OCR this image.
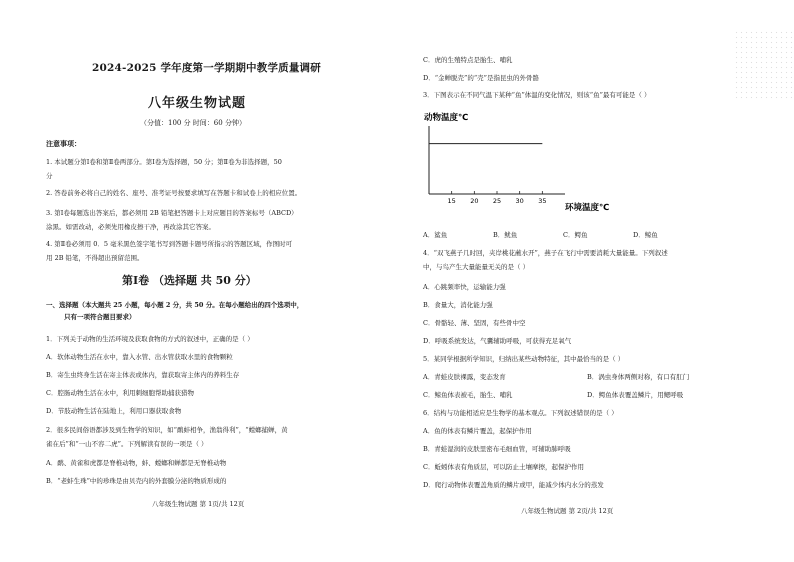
2024-2025 学年度第一学期期中教学质量调研
八年级生物试题
（分值：100 分 时间：60 分钟）
注意事项：
1. 本试题分第Ⅰ卷和第Ⅱ卷两部分。第Ⅰ卷为选择题，50 分；第Ⅱ卷为非选择题，50
分
2. 答卷前务必将自己的姓名、座号、准考证号按要求填写在答题卡和试卷上的相应位置。
3. 第Ⅰ卷每题选出答案后，都必须用 2B 铅笔把答题卡上对应题目的答案标号（ABCD）
涂黑。如需改动，必须先用橡皮擦干净，再改涂其它答案。
4. 第Ⅱ卷必须用 0．5 毫米黑色签字笔书写到答题卡题号所指示的答题区域，作图时可
用 2B 铅笔，不得超出预留范围。
第Ⅰ卷 （选择题 共 50 分）
一、选择题（本大题共 25 小题，每小题 2 分，共 50 分。在每小题给出的四个选项中，
只有一项符合题目要求）
1．下列关于动物的生活环境及获取食物的方式的叙述中，正确的是（ ）
A．软体动物生活在水中，靠入水管、出水管获取水里的食物颗粒
B．寄生虫终身生活在寄主体表或体内，靠获取寄主体内的养料生存
C．腔肠动物生活在水中，利用刺细胞帮助捕获猎物
D．节肢动物生活在陆地上，利用口器获取食物
2．很多民间俗语都涉及到生物学的知识，如“鹬蚌相争，渔翁得利”，“螳螂捕蝉，黄
雀在后”和“一山不容二虎”。下列解读有误的一项是（ ）
A．鹬、黄雀和虎都是脊椎动物，蚌、螳螂和蝉都是无脊椎动物
B．“老蚌生珠”中的珍珠是由贝壳内的外套膜分泌的物质形成的
八年级生物试题 第 1页/共 12页
C．虎的生殖特点是胎生、哺乳
D．“金蝉脱壳”的“壳”是指昆虫的外骨骼
3．下图表示在不同气温下某种“鱼”体温的变化情况，则该“鱼”最有可能是（ ）
动物温度℃
15 20 25 30 35
环境温度℃
A．鲨鱼	B．鱿鱼	C．鳄鱼	D．鲸鱼
4．“双飞燕子几时回，夹岸桃花蘸水开”，燕子在飞行中需要消耗大量能量。下列叙述
中，与鸟产生大量能量无关的是（ ）
A．心跳频率快，运输能力强
B．食量大，消化能力强
C．骨骼轻、薄、坚固，有些骨中空
D．呼吸系统发达，气囊辅助呼吸，可获得充足氧气
5．某同学根据所学知识，归纳出某些动物特征，其中最恰当的是（ ）
A．青蛙皮肤裸露，变态发育	B．涡虫身体两侧对称，有口有肛门
C．鲸鱼体表被毛，胎生、哺乳	D．鳄鱼体表覆盖鳞片，用鳃呼吸
6．结构与功能相适应是生物学的基本观点。下列叙述错误的是（ ）
A．鱼的体表有鳞片覆盖，起保护作用
B．青蛙湿润的皮肤里密布毛细血管，可辅助肺呼吸
C．蚯蚓体表有角质层，可以防止土壤摩擦，起保护作用
D．爬行动物体表覆盖角质的鳞片或甲，能减少体内水分的蒸发
八年级生物试题 第 2页/共 12页
